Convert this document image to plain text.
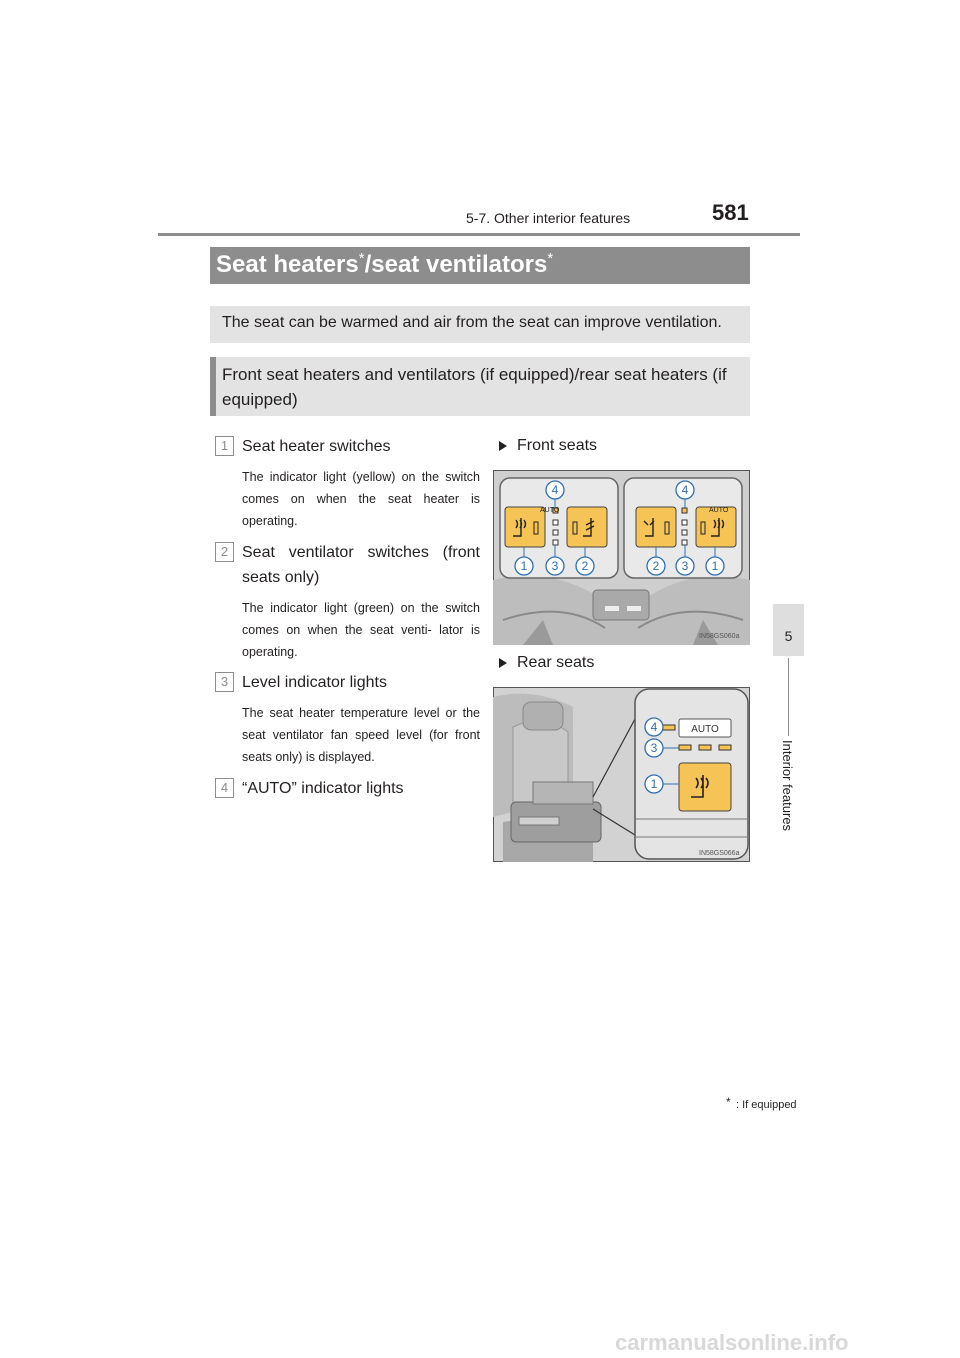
5-7. Other interior features	581
5
Interior features
Seat heaters*/seat ventilators*
The seat can be warmed and air from the seat can improve ventilation.
Front seat heaters and ventilators (if equipped)/rear seat heaters (if equipped)
1 Seat heater switches
The indicator light (yellow) on the switch comes on when the seat heater is operating.
2 Seat ventilator switches (front seats only)
The indicator light (green) on the switch comes on when the seat venti- lator is operating.
3 Level indicator lights
The seat heater temperature level or the seat ventilator fan speed level (for front seats only) is displayed.
4 “AUTO” indicator lights
Front seats
Rear seats
AUTO	AUTO
4
1 3 2
4
2 3 1
IN58GS060a
AUTO
4
3
1
IN58GS066a
* : If equipped
carmanualsonline.info
